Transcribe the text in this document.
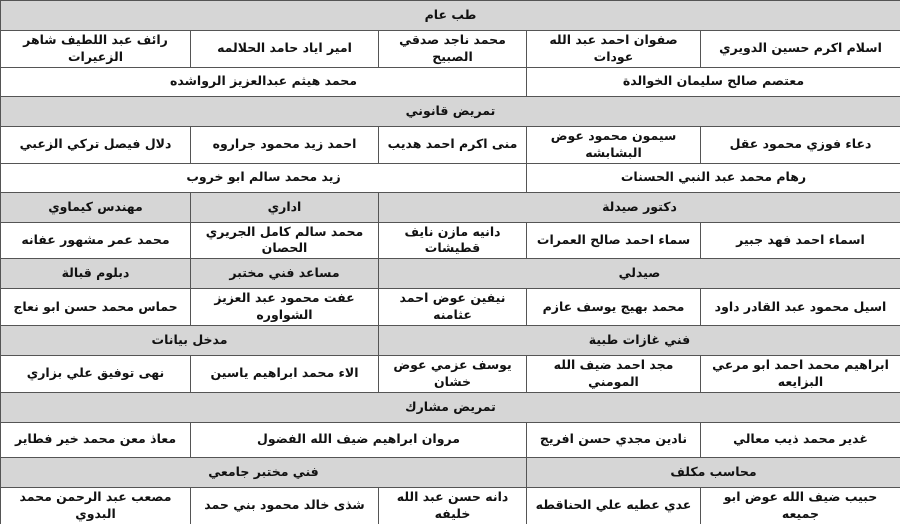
طب عام				
اسلام اكرم حسين الدويري	صفوان احمد عبد الله عودات	محمد ناجد صدقي الصبيح	امير اياد حامد الحلالمه	رائف عبد اللطيف شاهر الزعيرات
معتصم صالح سليمان الخوالدة		محمد هيثم عبدالعزيز الرواشده		
تمريض قانوني				
دعاء فوزي محمود عقل	سيمون محمود عوض البشابشه	منى اكرم احمد هديب	احمد زيد محمود جراروه	دلال فيصل تركي الزعبي
رهام محمد عبد النبي الحسنات		زيد محمد سالم ابو خروب		
دكتور صيدلة			اداري	مهندس كيماوي
اسماء احمد فهد جبير	سماء احمد صالح العمرات	دانيه مازن نايف قطيشات	محمد سالم كامل الجريري الحصان	محمد عمر مشهور عفانه
صيدلي			مساعد فني مختبر	دبلوم قبالة
اسيل محمود عبد القادر داود	محمد بهيج يوسف عازم	نيفين عوض احمد عثامنه	عفت محمود عبد العزيز الشواوره	حماس محمد حسن ابو نعاج
فني غازات طبية			مدخل بيانات	
ابراهيم محمد احمد ابو مرعي البزايعه	مجد احمد ضيف الله المومني	يوسف عزمي عوض خشان	الاء محمد ابراهيم ياسين	نهى توفيق علي بزاري
تمريض مشارك				
غدير محمد ذيب معالي	نادين مجدي حسن افريج	مروان ابراهيم ضيف الله الفضول		معاذ معن محمد خير فطاير
محاسب مكلف		فني مختبر جامعي		
حبيب ضيف الله عوض ابو جميعه	عدي عطيه علي الحناقطه	دانه حسن عبد الله خليفه	شذى خالد محمود بني حمد	مصعب عبد الرحمن محمد البدوي
